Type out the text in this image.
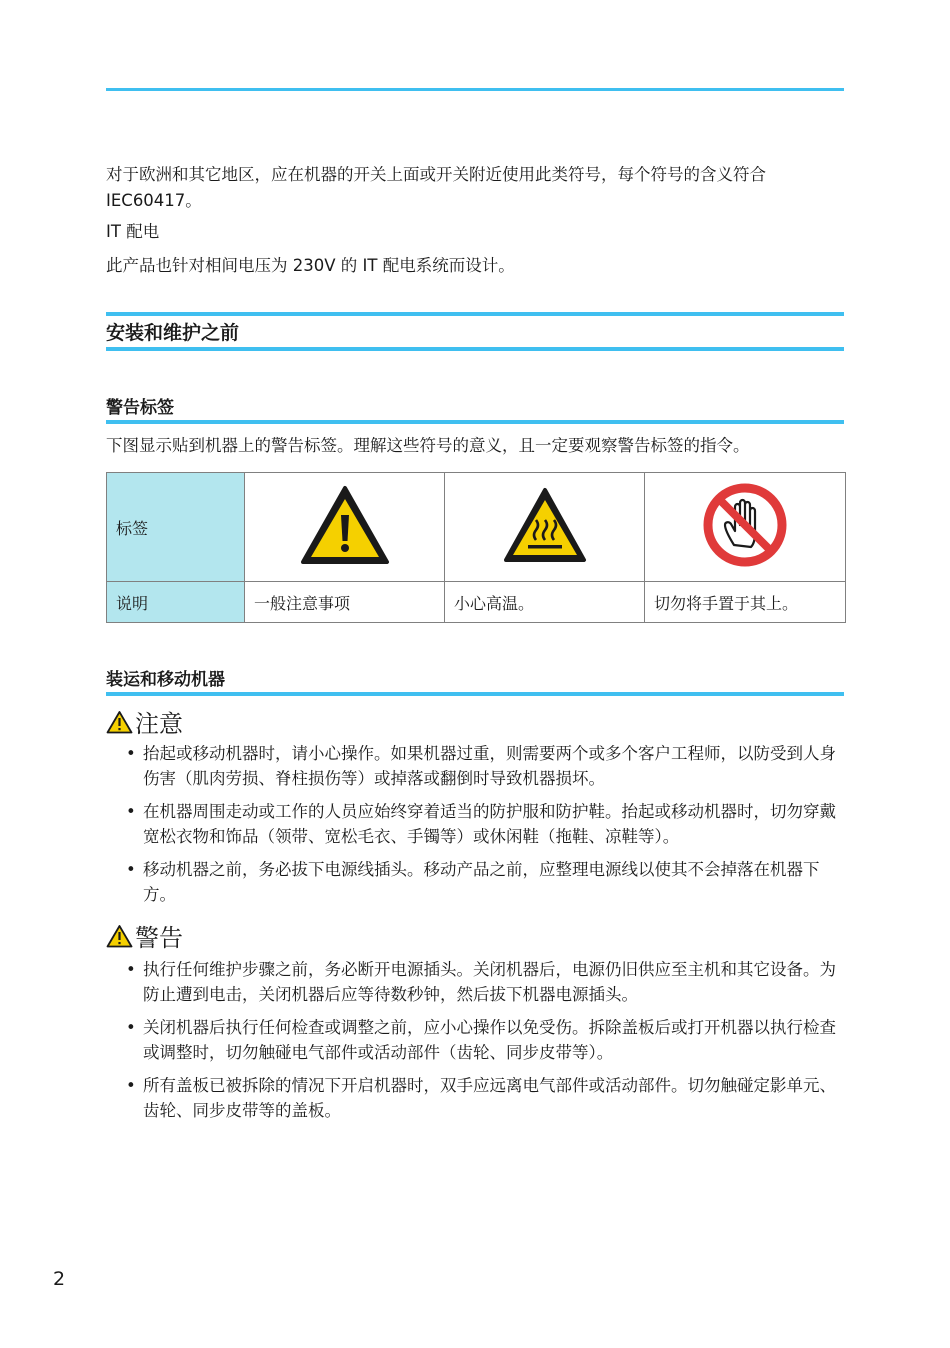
对于欧洲和其它地区，应在机器的开关上面或开关附近使用此类符号，每个符号的含义符合IEC60417。
IT 配电
此产品也针对相间电压为 230V 的 IT 配电系统而设计。
安装和维护之前
警告标签
下图显示贴到机器上的警告标签。理解这些符号的意义，且一定要观察警告标签的指令。
标签			
说明	一般注意事项	小心高温。	切勿将手置于其上。
装运和移动机器
注意
• 抬起或移动机器时，请小心操作。如果机器过重，则需要两个或多个客户工程师，以防受到人身伤害（肌肉劳损、脊柱损伤等）或掉落或翻倒时导致机器损坏。
• 在机器周围走动或工作的人员应始终穿着适当的防护服和防护鞋。抬起或移动机器时，切勿穿戴宽松衣物和饰品（领带、宽松毛衣、手镯等）或休闲鞋（拖鞋、凉鞋等）。
• 移动机器之前，务必拔下电源线插头。移动产品之前，应整理电源线以使其不会掉落在机器下方。
警告
• 执行任何维护步骤之前，务必断开电源插头。关闭机器后，电源仍旧供应至主机和其它设备。为防止遭到电击，关闭机器后应等待数秒钟，然后拔下机器电源插头。
• 关闭机器后执行任何检查或调整之前，应小心操作以免受伤。拆除盖板后或打开机器以执行检查或调整时，切勿触碰电气部件或活动部件（齿轮、同步皮带等）。
• 所有盖板已被拆除的情况下开启机器时，双手应远离电气部件或活动部件。切勿触碰定影单元、齿轮、同步皮带等的盖板。
2
